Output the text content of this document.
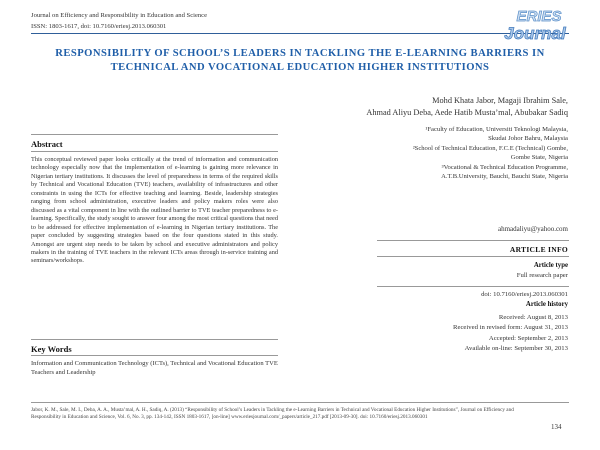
Journal on Efficiency and Responsibility in Education and Science
ISSN: 1803-1617, doi: 10.7160/eriesj.2013.060301
ERIES
Journal
RESPONSIBILITY OF SCHOOL’S LEADERS IN TACKLING THE E-LEARNING BARRIERS IN TECHNICAL AND VOCATIONAL EDUCATION HIGHER INSTITUTIONS
Mohd Khata Jabor, Magaji Ibrahim Sale,
Ahmad Aliyu Deba, Aede Hatib Musta’mal, Abubakar Sadiq

¹Faculty of Education, Universiti Teknologi Malaysia,

Skudai Johor Bahru, Malaysia

²School of Technical Education, F.C.E (Technical) Gombe,

Gombe State, Nigeria

³Vocational & Technical Education Programme,

A.T.B.University, Bauchi, Bauchi State, Nigeria

ahmadaliyu@yahoo.com
Abstract
This conceptual reviewed paper looks critically at the trend of information and communication technology especially now that the implementation of e-learning is gaining more relevance in Nigerian tertiary institutions. It discusses the level of preparedness in terms of the required skills by Technical and Vocational Education (TVE) teachers, availability of infrastructures and other constraints in using the ICTs for effective teaching and learning. Beside, leadership strategies ranging from school administration, executive leaders and policy makers roles were also discussed as a vital component in line with the outlined barrier to TVE teacher preparedness to e-learning. Specifically, the study sought to answer four among the most critical questions that need to be addressed for effective implementation of e-learning in Nigerian tertiary institutions. The paper concluded by suggesting strategies based on the four questions stated in this study. Amongst are urgent step needs to be taken by school and executive administrators and policy makers in the training of TVE teachers in the relevant ICTs areas through in-service training and seminars/workshops.
Key Words
Information and Communication Technology (ICTs), Technical and Vocational Education TVE Teachers and Leadership
ARTICLE INFO
Article type
Full research paper
doi: 10.7160/eriesj.2013.060301
Article history

Received: August 8, 2013

Received in revised form: August 31, 2013

Accepted: September 2, 2013

Available on-line: September 30, 2013

Jabor, K. M., Sale, M. I., Deba, A. A., Musta’mal, A. H., Sadiq, A. (2013) “Responsibility of School’s Leaders in Tackling the e-Learning Barriers in Technical and Vocational Education Higher Institutions”, Journal on Efficiency and Responsibility in Education and Science, Vol. 6, No. 3, pp. 134-142, ISSN 1803-1617, [on-line] www.eriesjournal.com/_papers/article_217.pdf [2013-09-30]. doi: 10.7160/eriesj.2013.060301
134
